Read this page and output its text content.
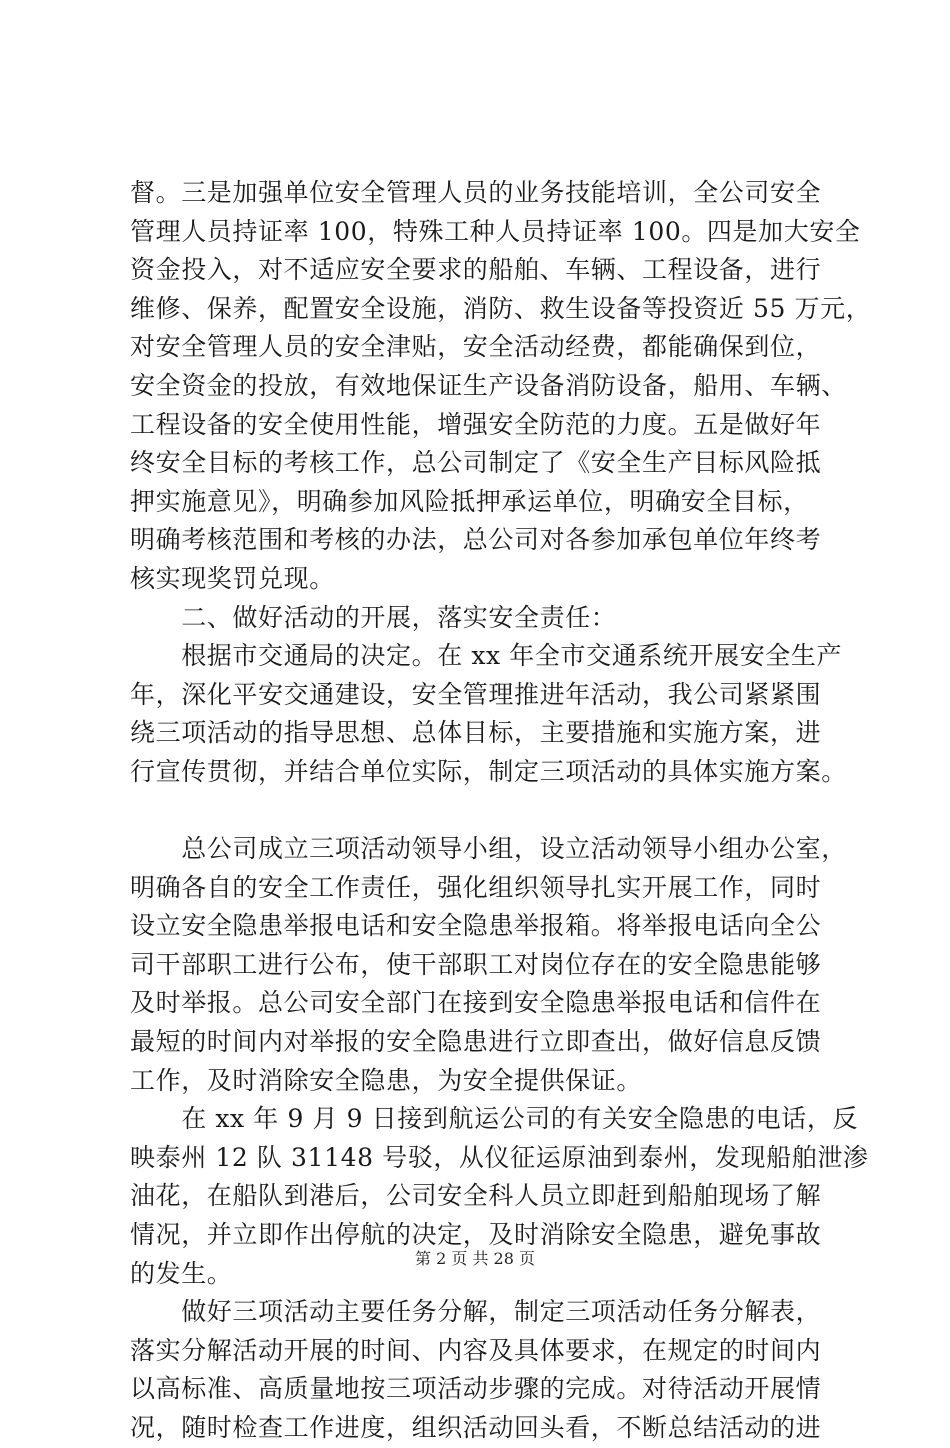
督。三是加强单位安全管理人员的业务技能培训，全公司安全
管理人员持证率 100，特殊工种人员持证率 100。四是加大安全
资金投入，对不适应安全要求的船舶、车辆、工程设备，进行
维修、保养，配置安全设施，消防、救生设备等投资近 55 万元，
对安全管理人员的安全津贴，安全活动经费，都能确保到位，
安全资金的投放，有效地保证生产设备消防设备，船用、车辆、
工程设备的安全使用性能，增强安全防范的力度。五是做好年
终安全目标的考核工作，总公司制定了《安全生产目标风险抵
押实施意见》，明确参加风险抵押承运单位，明确安全目标，
明确考核范围和考核的办法，总公司对各参加承包单位年终考
核实现奖罚兑现。
　　二、做好活动的开展，落实安全责任：
　　根据市交通局的决定。在 xx 年全市交通系统开展安全生产
年，深化平安交通建设，安全管理推进年活动，我公司紧紧围
绕三项活动的指导思想、总体目标，主要措施和实施方案，进
行宣传贯彻，并结合单位实际，制定三项活动的具体实施方案。
　　总公司成立三项活动领导小组，设立活动领导小组办公室，
明确各自的安全工作责任，强化组织领导扎实开展工作，同时
设立安全隐患举报电话和安全隐患举报箱。将举报电话向全公
司干部职工进行公布，使干部职工对岗位存在的安全隐患能够
及时举报。总公司安全部门在接到安全隐患举报电话和信件在
最短的时间内对举报的安全隐患进行立即查出，做好信息反馈
工作，及时消除安全隐患，为安全提供保证。
　　在 xx 年 9 月 9 日接到航运公司的有关安全隐患的电话，反
映泰州 12 队 31148 号驳，从仪征运原油到泰州，发现船舶泄渗
油花，在船队到港后，公司安全科人员立即赶到船舶现场了解
情况，并立即作出停航的决定，及时消除安全隐患，避免事故
的发生。
　　做好三项活动主要任务分解，制定三项活动任务分解表，
落实分解活动开展的时间、内容及具体要求，在规定的时间内
以高标准、高质量地按三项活动步骤的完成。对待活动开展情
况，随时检查工作进度，组织活动回头看，不断总结活动的进
第 2 页 共 28 页
